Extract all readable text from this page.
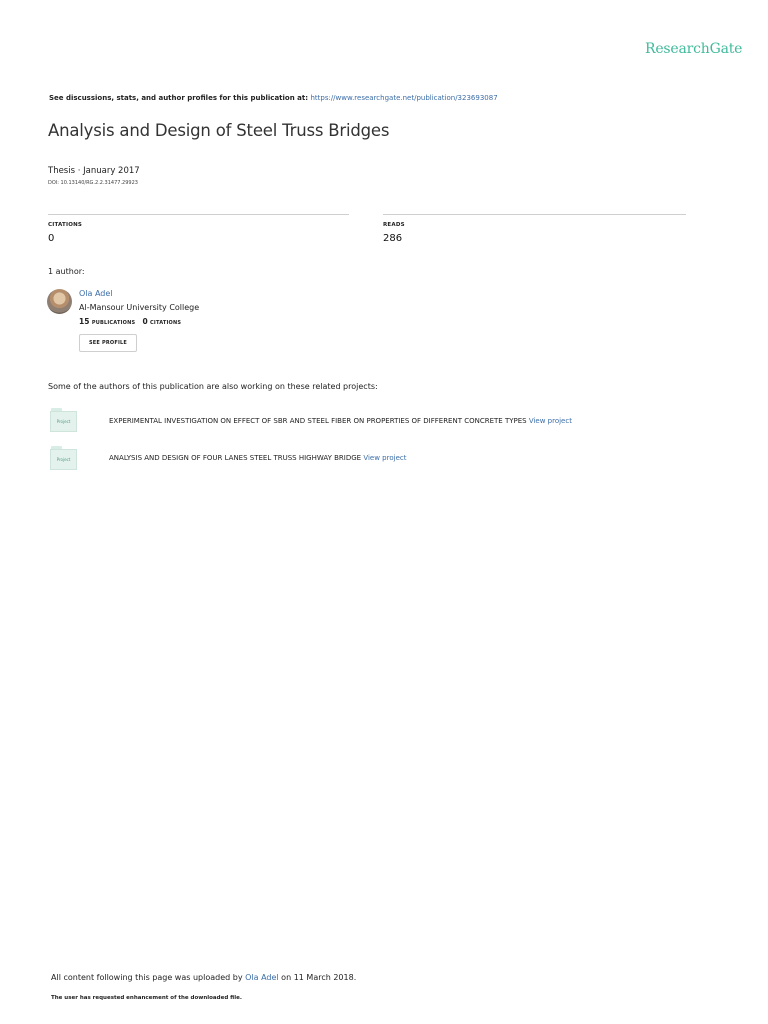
ResearchGate
See discussions, stats, and author profiles for this publication at: https://www.researchgate.net/publication/323693087
Analysis and Design of Steel Truss Bridges
Thesis · January 2017
DOI: 10.13140/RG.2.2.31477.29923
CITATIONS
0
READS
286
1 author:
Ola Adel
Al-Mansour University College
15 PUBLICATIONS 0 CITATIONS
SEE PROFILE
Some of the authors of this publication are also working on these related projects:
Project	EXPERIMENTAL INVESTIGATION ON EFFECT OF SBR AND STEEL FIBER ON PROPERTIES OF DIFFERENT CONCRETE TYPES View project
Project	ANALYSIS AND DESIGN OF FOUR LANES STEEL TRUSS HIGHWAY BRIDGE View project
All content following this page was uploaded by Ola Adel on 11 March 2018.
The user has requested enhancement of the downloaded file.
